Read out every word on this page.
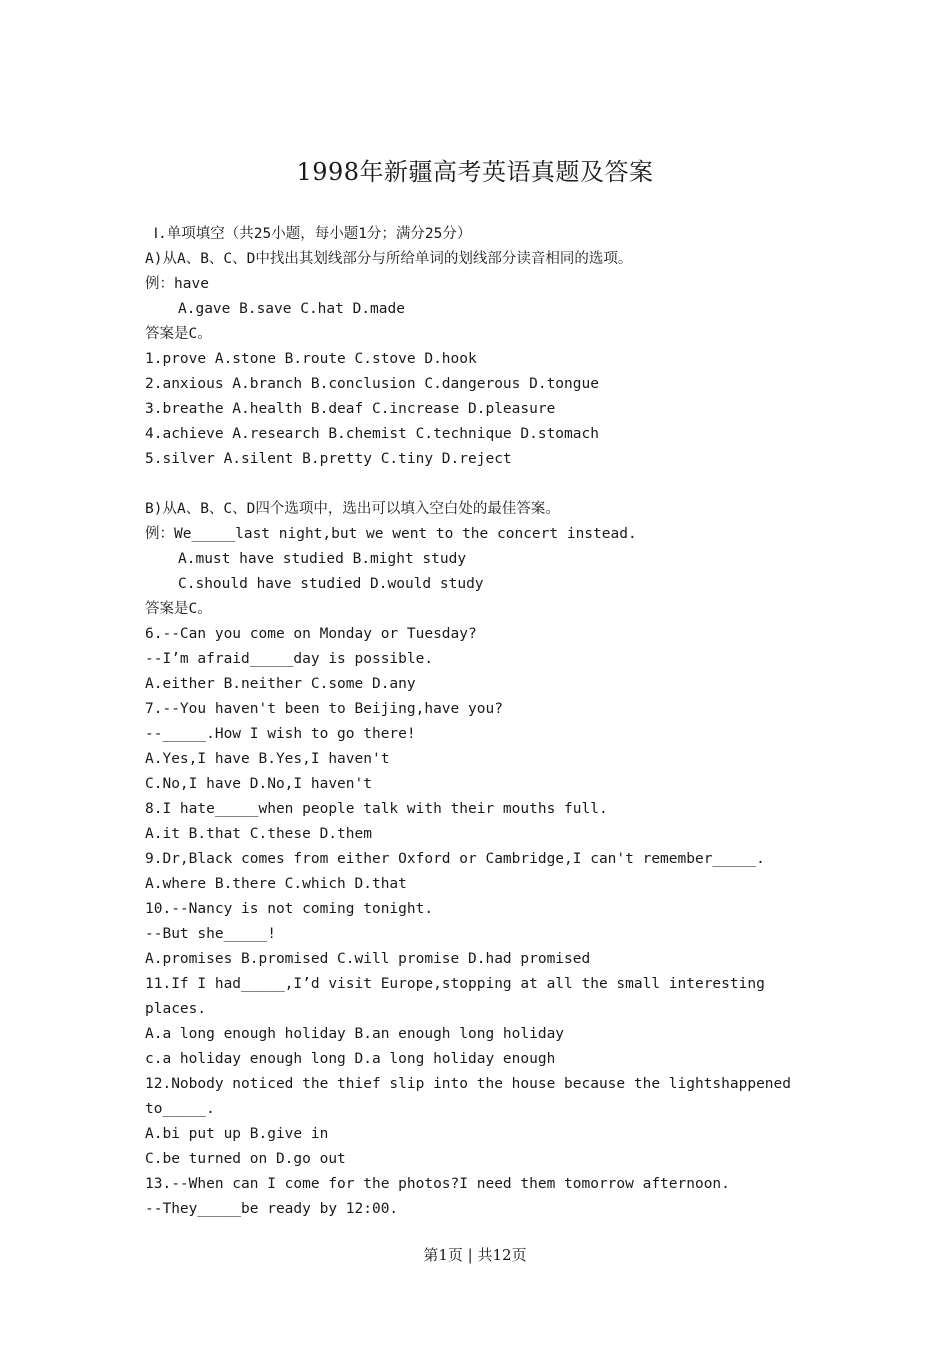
1998年新疆高考英语真题及答案
Ⅰ.单项填空（共25小题，每小题1分；满分25分）
A)从A、B、C、D中找出其划线部分与所给单词的划线部分读音相同的选项。
例：have
A.gave B.save C.hat D.made
答案是C。
1.prove A.stone B.route C.stove D.hook
2.anxious A.branch B.conclusion C.dangerous D.tongue
3.breathe A.health B.deaf C.increase D.pleasure
4.achieve A.research B.chemist C.technique D.stomach
5.silver A.silent B.pretty C.tiny D.reject
B)从A、B、C、D四个选项中，选出可以填入空白处的最佳答案。
例：We_____last night,but we went to the concert instead.
A.must have studied B.might study
C.should have studied D.would study
答案是C。
6.--Can you come on Monday or Tuesday?
--I’m afraid_____day is possible.
A.either B.neither C.some D.any
7.--You haven't been to Beijing,have you?
--_____.How I wish to go there!
A.Yes,I have B.Yes,I haven't
C.No,I have D.No,I haven't
8.I hate_____when people talk with their mouths full.
A.it B.that C.these D.them
9.Dr,Black comes from either Oxford or Cambridge,I can't remember_____.
A.where B.there C.which D.that
10.--Nancy is not coming tonight.
--But she_____!
A.promises B.promised C.will promise D.had promised
11.If I had_____,I’d visit Europe,stopping at all the small interesting
places.
A.a long enough holiday B.an enough long holiday
c.a holiday enough long D.a long holiday enough
12.Nobody noticed the thief slip into the house because the lightshappened
to_____.
A.bi put up B.give in
C.be turned on D.go out
13.--When can I come for the photos?I need them tomorrow afternoon.
--They_____be ready by 12:00.
第1页 | 共12页
